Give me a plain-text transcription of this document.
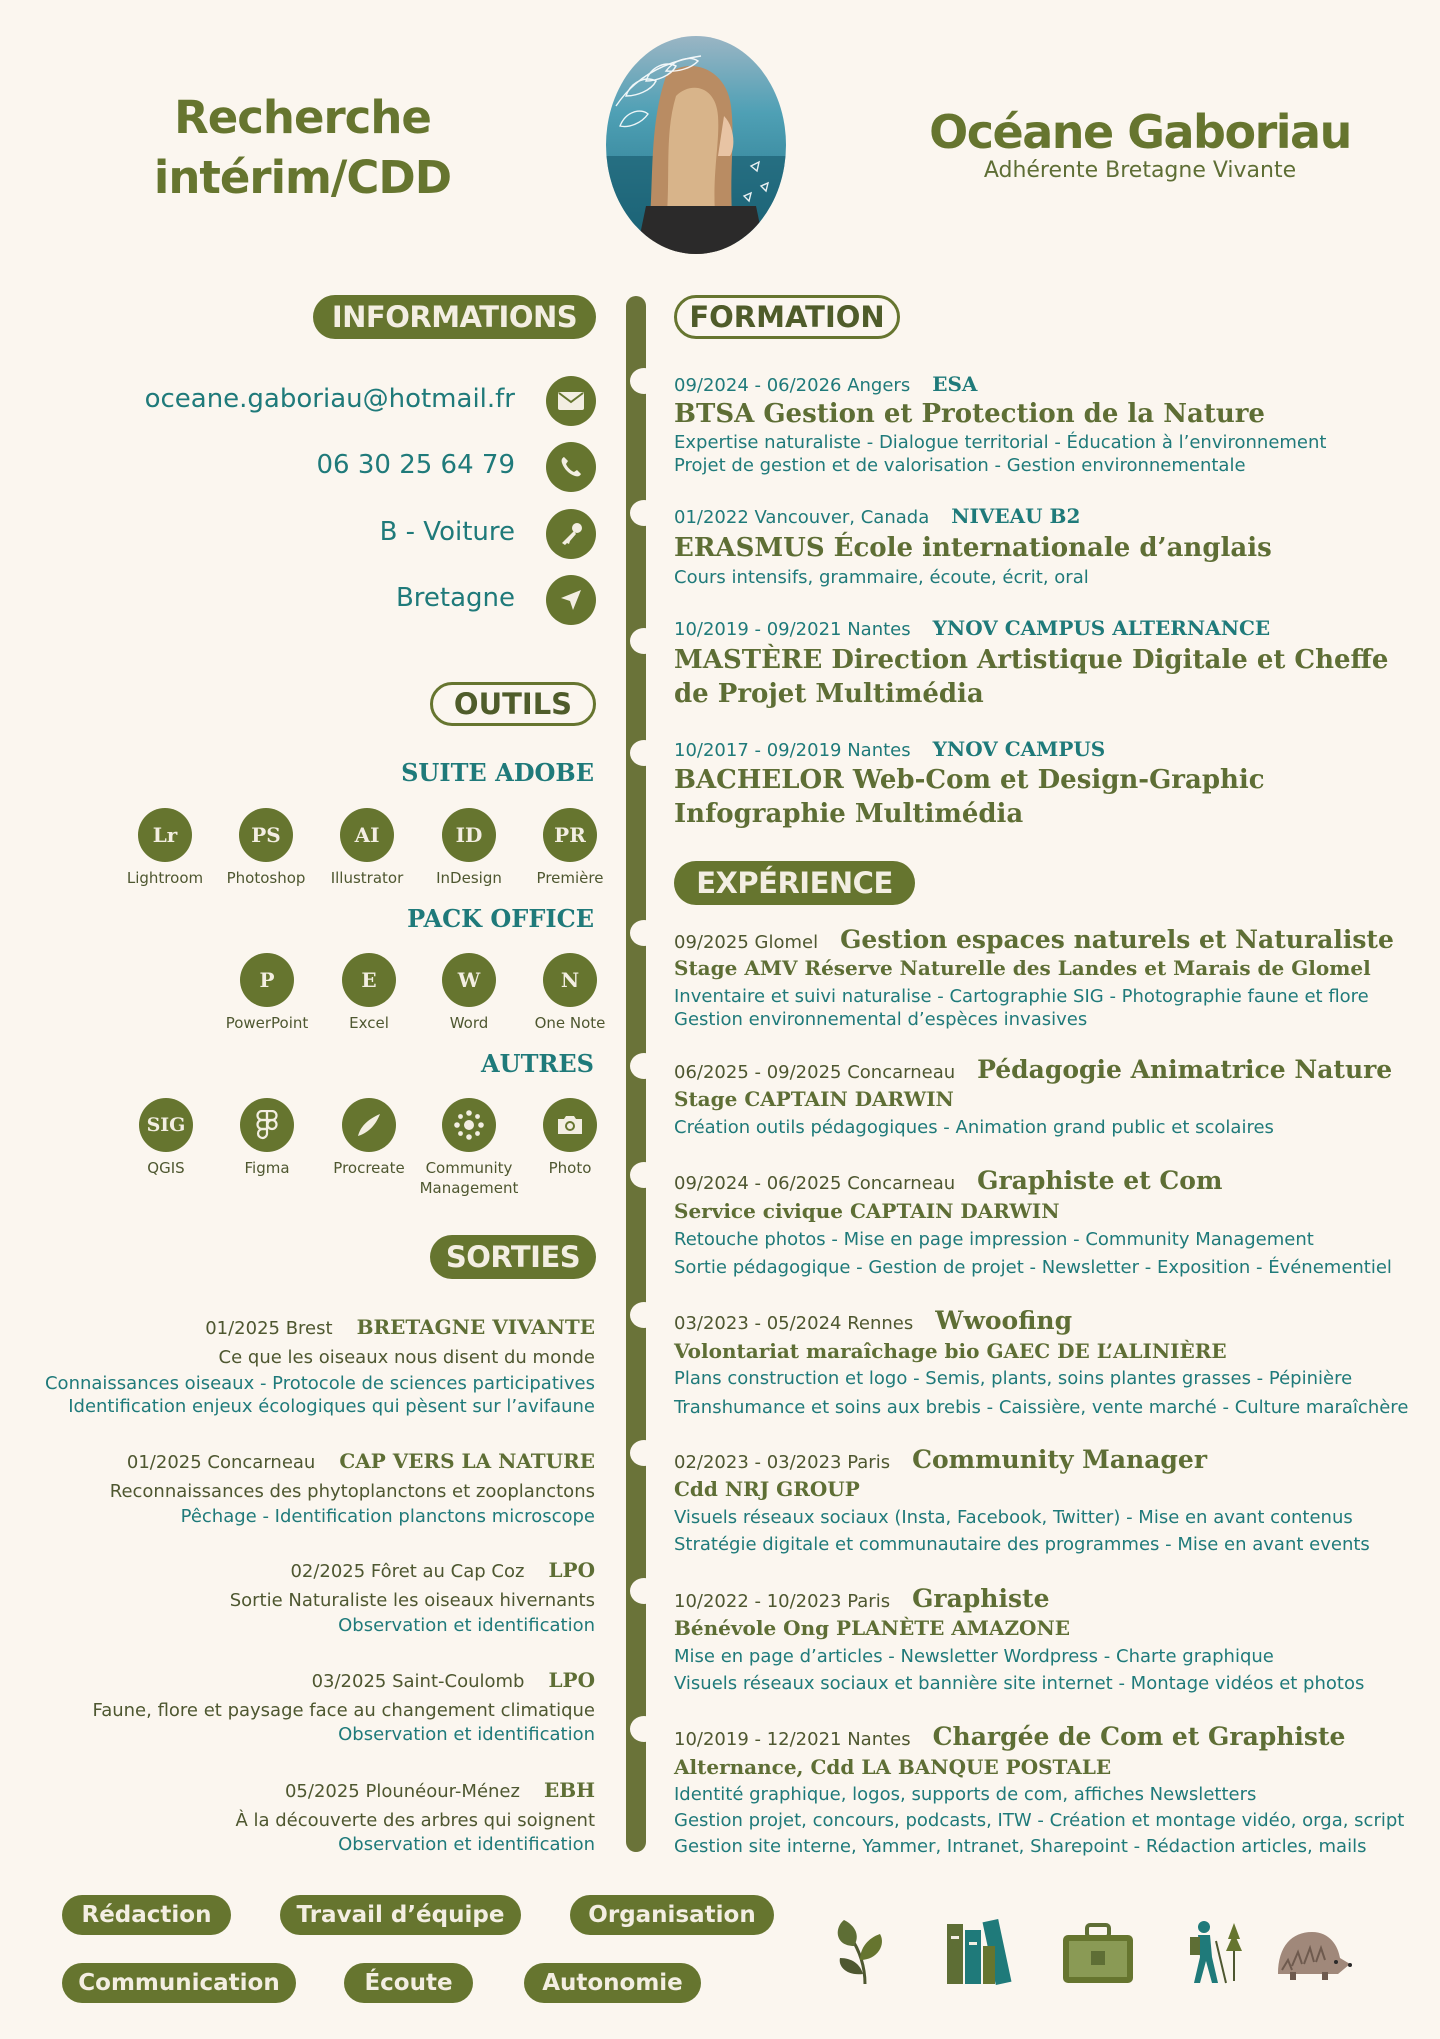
Recherche
intérim/CDD
Océane Gaboriau
Adhérente Bretagne Vivante
INFORMATIONS
oceane.gaboriau@hotmail.fr
06 30 25 64 79
B - Voiture
Bretagne
OUTILS
SUITE ADOBE
Lr
Lightroom
PS
Photoshop
AI
Illustrator
ID
InDesign
PR
Première
PACK OFFICE
P
PowerPoint
E
Excel
W
Word
N
One Note
AUTRES
SIG
QGIS	Figma	Procreate	Community
Management
Photo
SORTIES
01/2025 Brest BRETAGNE VIVANTE
Ce que les oiseaux nous disent du monde
Connaissances oiseaux - Protocole de sciences participatives
Identification enjeux écologiques qui pèsent sur l’avifaune
01/2025 Concarneau CAP VERS LA NATURE
Reconnaissances des phytoplanctons et zooplanctons
Pêchage - Identification planctons microscope
02/2025 Fôret au Cap Coz LPO
Sortie Naturaliste les oiseaux hivernants
Observation et identification
03/2025 Saint-Coulomb LPO
Faune, flore et paysage face au changement climatique
Observation et identification
05/2025 Plounéour-Ménez EBH
À la découverte des arbres qui soignent
Observation et identification
FORMATION
09/2024 - 06/2026 Angers ESA
BTSA Gestion et Protection de la Nature
Expertise naturaliste - Dialogue territorial - Éducation à l’environnement
Projet de gestion et de valorisation - Gestion environnementale
01/2022 Vancouver, Canada NIVEAU B2
ERASMUS École internationale d’anglais
Cours intensifs, grammaire, écoute, écrit, oral
10/2019 - 09/2021 Nantes YNOV CAMPUS ALTERNANCE
MASTÈRE Direction Artistique Digitale et Cheffe
de Projet Multimédia
10/2017 - 09/2019 Nantes YNOV CAMPUS
BACHELOR Web-Com et Design-Graphic
Infographie Multimédia
EXPÉRIENCE
09/2025 Glomel Gestion espaces naturels et Naturaliste
Stage AMV Réserve Naturelle des Landes et Marais de Glomel
Inventaire et suivi naturalise - Cartographie SIG - Photographie faune et flore
Gestion environnemental d’espèces invasives
06/2025 - 09/2025 Concarneau Pédagogie Animatrice Nature
Stage CAPTAIN DARWIN
Création outils pédagogiques - Animation grand public et scolaires
09/2024 - 06/2025 Concarneau Graphiste et Com
Service civique CAPTAIN DARWIN
Retouche photos - Mise en page impression - Community Management
Sortie pédagogique - Gestion de projet - Newsletter - Exposition - Événementiel
03/2023 - 05/2024 Rennes Wwoofing
Volontariat maraîchage bio GAEC DE L’ALINIÈRE
Plans construction et logo - Semis, plants, soins plantes grasses - Pépinière
Transhumance et soins aux brebis - Caissière, vente marché - Culture maraîchère
02/2023 - 03/2023 Paris Community Manager
Cdd NRJ GROUP
Visuels réseaux sociaux (Insta, Facebook, Twitter) - Mise en avant contenus
Stratégie digitale et communautaire des programmes - Mise en avant events
10/2022 - 10/2023 Paris Graphiste
Bénévole Ong PLANÈTE AMAZONE
Mise en page d’articles - Newsletter Wordpress - Charte graphique
Visuels réseaux sociaux et bannière site internet - Montage vidéos et photos
10/2019 - 12/2021 Nantes Chargée de Com et Graphiste
Alternance, Cdd LA BANQUE POSTALE
Identité graphique, logos, supports de com, affiches Newsletters
Gestion projet, concours, podcasts, ITW - Création et montage vidéo, orga, script
Gestion site interne, Yammer, Intranet, Sharepoint - Rédaction articles, mails
Rédaction	Travail d’équipe	Organisation
Communication	Écoute	Autonomie
